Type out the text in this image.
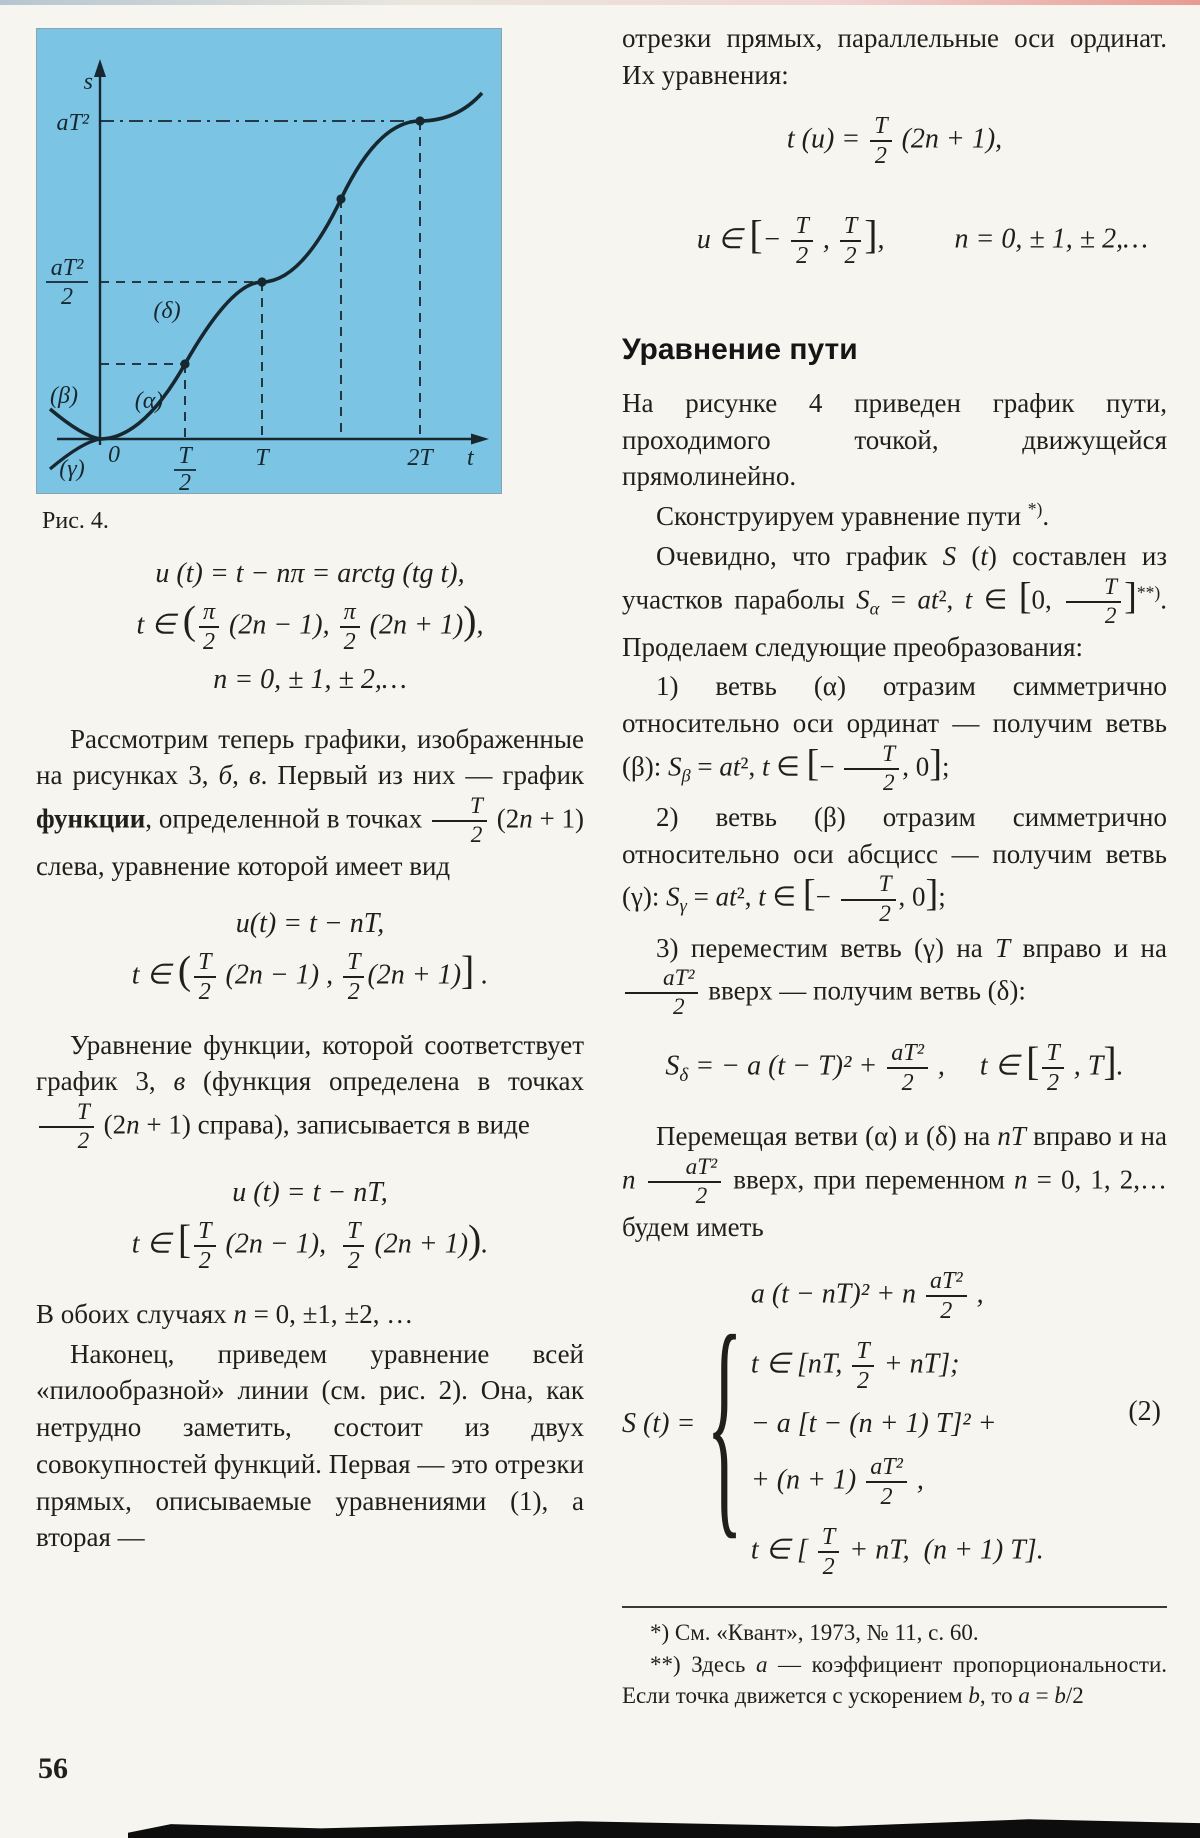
s
t
0
aT²
aT²
2
T
2
T	2T
(α)
(β)
(γ)
(δ)
Рис. 4.
u (t) = t − nπ = arctg (tg t),
t ∈ ( $\frac{\pi}{2} (2n - 1)$, $\frac{\pi}{2} (2n + 1)$),
n = 0, ± 1, ± 2,…

Рассмотрим теперь графики, изображенные на рисунках 3, б, в. Первый из них — график функции, определенной в точках $\frac{T}{2} (2n + 1)$ слева, уравнение которой имеет вид

u(t) = t − nT,
t ∈ ( $\frac{T}{2} (2n - 1)$ , $\frac{T}{2} (2n + 1)$] .

Уравнение функции, которой соответствует график 3, в (функция определена в точках
$\frac{T}{2} (2n + 1)$ справа), записывается в виде

u (t) = t − nT,
t ∈ [ $\frac{T}{2} (2n - 1)$, $\frac{T}{2} (2n + 1)$).

В обоих случаях n = 0, ±1, ±2, …

Наконец, приведем уравнение всей «пилообразной» линии (см. рис. 2). Она, как нетрудно заметить, состоит из двух совокупностей функций. Первая — это отрезки прямых, описываемые уравнениями (1), а вторая —

отрезки прямых, параллельные оси ординат. Их уравнения:

t $(u) = \frac{T}{2} (2n + 1)$,

u ∈ [− $\frac{T}{2}$ , $\frac{T}{2}$ ],	n = 0, ± 1, ± 2,…

Уравнение пути

На рисунке 4 приведен график пути, проходимого точкой, движущейся прямолинейно.

Сконструируем уравнение пути *).

Очевидно, что график S (t) составлен из участков параболы $S_\alpha = at^2$, t ∈ [0, $\frac{T}{2} ]^{**)}$. Проделаем следующие преобразования:

1) ветвь (α) отразим симметрично относительно оси ординат — получим ветвь (β): $S_\beta = at^2$, t ∈ [− $\frac{T}{2}$ , 0];

2) ветвь (β) отразим симметрично относительно оси абсцисс — получим ветвь (γ): $S_\gamma = at^2$, t ∈ [− $\frac{T}{2}$ , 0];

3) переместим ветвь (γ) на T вправо и на
$\frac{\text{aT²}}{2}$ вверх — получим ветвь (δ):

$S_\delta$ = − a $(t - T)^2 + \frac{\text{aT²}}{2}$ ,     t ∈ [ $\frac{T}{2}$ , T].

Перемещая ветви (α) и (δ) на nT вправо и на n $\frac{\text{aT²}}{2}$ вверх, при переменном n = 0, 1, 2,… будем иметь

S (t) = { a (t − nT)² + n $\frac{\text{aT²}}{2}$ ,
t ∈ [nT, $\frac{T}{2} + nT$];
− a [t − (n + 1) T]² +
+ $(n + 1) \frac{\text{aT²}}{2}$ ,
t ∈ [ $\frac{T}{2}$ + nT,  (n + 1) T].
(2)

*) См. «Квант», 1973, № 11, с. 60.

**) Здесь a — коэффициент пропорциональности. Если точка движется с ускорением b, то a = b/2

56
